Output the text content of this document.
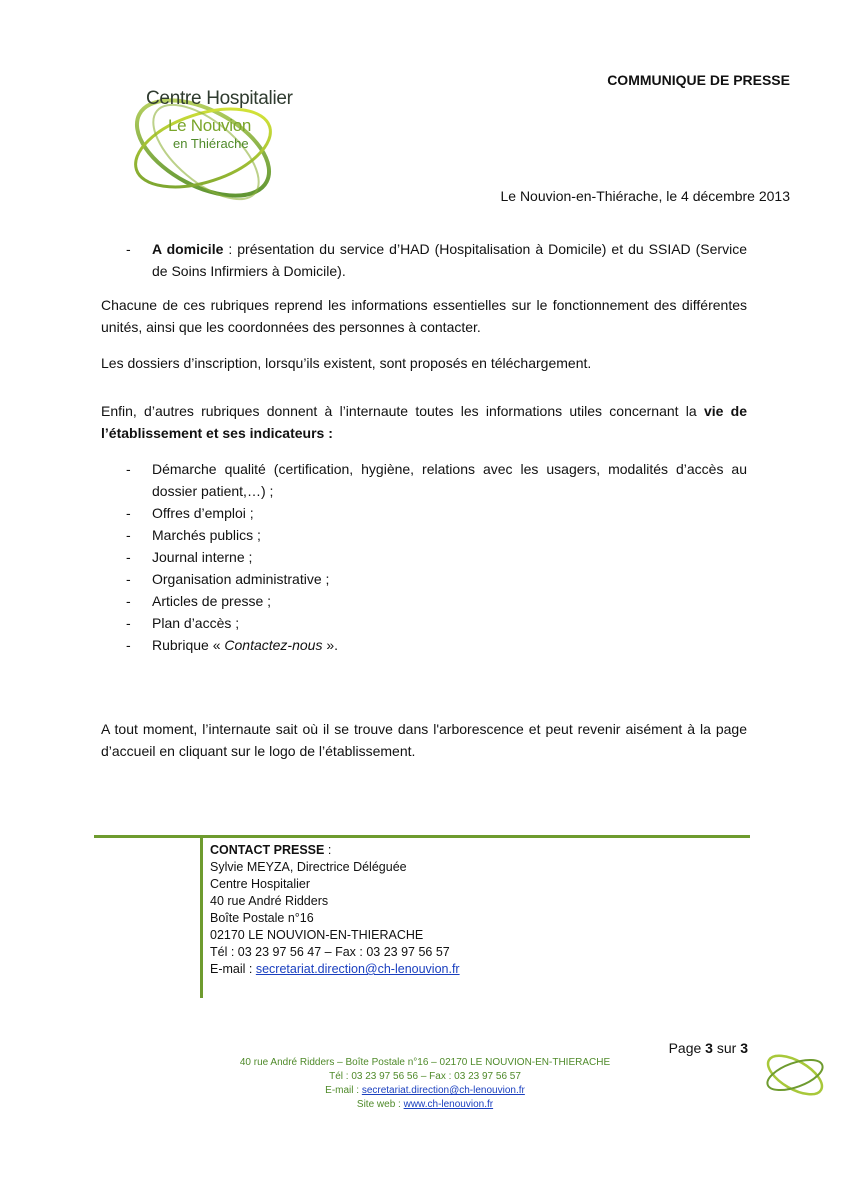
Centre Hospitalier
Le Nouvion
en Thiérache
COMMUNIQUE DE PRESSE
Le Nouvion-en-Thiérache, le 4 décembre 2013
- A domicile : présentation du service d’HAD (Hospitalisation à Domicile) et du SSIAD (Service de Soins Infirmiers à Domicile).
Chacune de ces rubriques reprend les informations essentielles sur le fonctionnement des différentes unités, ainsi que les coordonnées des personnes à contacter.
Les dossiers d’inscription, lorsqu’ils existent, sont proposés en téléchargement.
Enfin, d’autres rubriques donnent à l’internaute toutes les informations utiles concernant la vie de l’établissement et ses indicateurs :
- Démarche qualité (certification, hygiène, relations avec les usagers, modalités d’accès au dossier patient,…) ;
- Offres d’emploi ;
- Marchés publics ;
- Journal interne ;
- Organisation administrative ;
- Articles de presse ;
- Plan d’accès ;
- Rubrique « Contactez-nous ».
A tout moment, l’internaute sait où il se trouve dans l'arborescence et peut revenir aisément à la page d’accueil en cliquant sur le logo de l’établissement.
CONTACT PRESSE :
Sylvie MEYZA, Directrice Déléguée
Centre Hospitalier
40 rue André Ridders
Boîte Postale n°16
02170 LE NOUVION-EN-THIERACHE
Tél : 03 23 97 56 47 – Fax : 03 23 97 56 57
E-mail : secretariat.direction@ch-lenouvion.fr
Page 3 sur 3
40 rue André Ridders – Boîte Postale n°16 – 02170 LE NOUVION-EN-THIERACHE
Tél : 03 23 97 56 56 – Fax : 03 23 97 56 57
E-mail : secretariat.direction@ch-lenouvion.fr
Site web : www.ch-lenouvion.fr
